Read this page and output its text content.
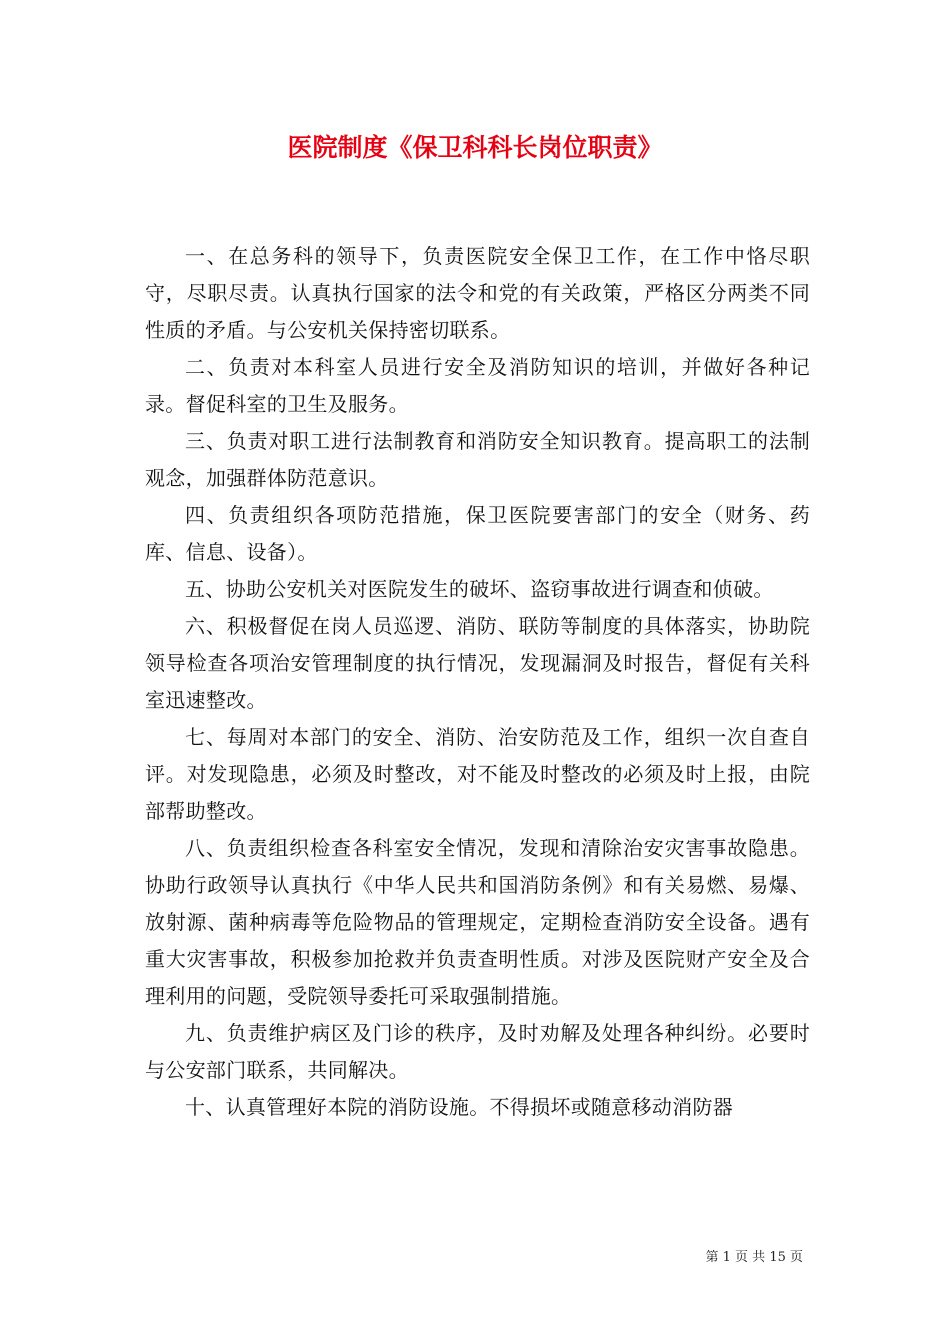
医院制度《保卫科科长岗位职责》

一、在总务科的领导下，负责医院安全保卫工作，在工作中恪尽职守，尽职尽责。认真执行国家的法令和党的有关政策，严格区分两类不同性质的矛盾。与公安机关保持密切联系。

二、负责对本科室人员进行安全及消防知识的培训，并做好各种记录。督促科室的卫生及服务。

三、负责对职工进行法制教育和消防安全知识教育。提高职工的法制观念，加强群体防范意识。

四、负责组织各项防范措施，保卫医院要害部门的安全（财务、药库、信息、设备）。

五、协助公安机关对医院发生的破坏、盗窃事故进行调查和侦破。

六、积极督促在岗人员巡逻、消防、联防等制度的具体落实，协助院领导检查各项治安管理制度的执行情况，发现漏洞及时报告，督促有关科室迅速整改。

七、每周对本部门的安全、消防、治安防范及工作，组织一次自查自评。对发现隐患，必须及时整改，对不能及时整改的必须及时上报，由院部帮助整改。

八、负责组织检查各科室安全情况，发现和清除治安灾害事故隐患。协助行政领导认真执行《中华人民共和国消防条例》和有关易燃、易爆、放射源、菌种病毒等危险物品的管理规定，定期检查消防安全设备。遇有重大灾害事故，积极参加抢救并负责查明性质。对涉及医院财产安全及合理利用的问题，受院领导委托可采取强制措施。

九、负责维护病区及门诊的秩序，及时劝解及处理各种纠纷。必要时与公安部门联系，共同解决。

十、认真管理好本院的消防设施。不得损坏或随意移动消防器

第 1 页 共 15 页
